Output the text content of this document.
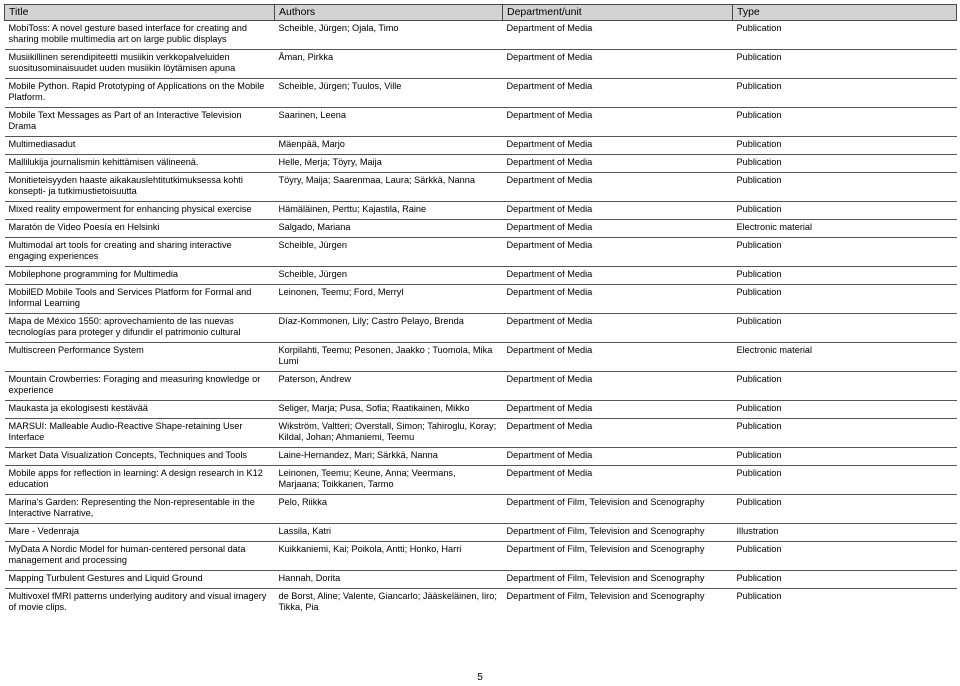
Title	Authors	Department/unit	Type
MobiToss: A novel gesture based interface for creating and sharing mobile multimedia art on large public displays	Scheible, Jürgen; Ojala, Timo	Department of Media	Publication
Musiikillinen serendipiteetti musiikin verkkopalveluiden suositusominaisuudet uuden musiikin löytämisen apuna	Åman, Pirkka	Department of Media	Publication
Mobile Python. Rapid Prototyping of Applications on the Mobile Platform.	Scheible, Jürgen; Tuulos, Ville	Department of Media	Publication
Mobile Text Messages as Part of an Interactive Television Drama	Saarinen, Leena	Department of Media	Publication
Multimediasadut	Mäenpää, Marjo	Department of Media	Publication
Mallilukija journalismin kehittämisen välineenä.	Helle, Merja; Töyry, Maija	Department of Media	Publication
Monitieteisyyden haaste aikakauslehtitutkimuksessa kohti konsepti- ja tutkimustietoisuutta	Töyry, Maija; Saarenmaa, Laura; Särkkä, Nanna	Department of Media	Publication
Mixed reality empowerment for enhancing physical exercise	Hämäläinen, Perttu; Kajastila, Raine	Department of Media	Publication
Maratón de Video Poesía en Helsinki	Salgado, Mariana	Department of Media	Electronic material
Multimodal art tools for creating and sharing interactive engaging experiences	Scheible, Jürgen	Department of Media	Publication
Mobilephone programming for Multimedia	Scheible, Jürgen	Department of Media	Publication
MobilED Mobile Tools and Services Platform for Formal and Informal Learning	Leinonen, Teemu; Ford, Merryl	Department of Media	Publication
Mapa de México 1550: aprovechamiento de las nuevas tecnologías para proteger y difundir el patrimonio cultural	Díaz-Kommonen, Lily; Castro Pelayo, Brenda	Department of Media	Publication
Multiscreen Performance System	Korpilahti, Teemu; Pesonen, Jaakko ; Tuomola, Mika Lumi	Department of Media	Electronic material
Mountain Crowberries: Foraging and measuring knowledge or experience	Paterson, Andrew	Department of Media	Publication
Maukasta ja ekologisesti kestävää	Seliger, Marja; Pusa, Sofia; Raatikainen, Mikko	Department of Media	Publication
MARSUI: Malleable Audio-Reactive Shape-retaining User Interface	Wikström, Valtteri; Overstall, Simon; Tahiroglu, Koray; Kildal, Johan; Ahmaniemi, Teemu	Department of Media	Publication
Market Data Visualization Concepts, Techniques and Tools	Laine-Hernandez, Mari; Särkkä, Nanna	Department of Media	Publication
Mobile apps for reflection in learning: A design research in K12 education	Leinonen, Teemu; Keune, Anna; Veermans, Marjaana; Toikkanen, Tarmo	Department of Media	Publication
Marina's Garden: Representing the Non-representable in the Interactive Narrative,	Pelo, Riikka	Department of Film, Television and Scenography	Publication
Mare - Vedenraja	Lassila, Katri	Department of Film, Television and Scenography	Illustration
MyData A Nordic Model for human-centered personal data management and processing	Kuikkaniemi, Kai; Poikola, Antti; Honko, Harri	Department of Film, Television and Scenography	Publication
Mapping Turbulent Gestures and Liquid Ground	Hannah, Dorita	Department of Film, Television and Scenography	Publication
Multivoxel fMRI patterns underlying auditory and visual imagery of movie clips.	de Borst, Aline; Valente, Giancarlo; Jääskeläinen, Iiro; Tikka, Pia	Department of Film, Television and Scenography	Publication
5
